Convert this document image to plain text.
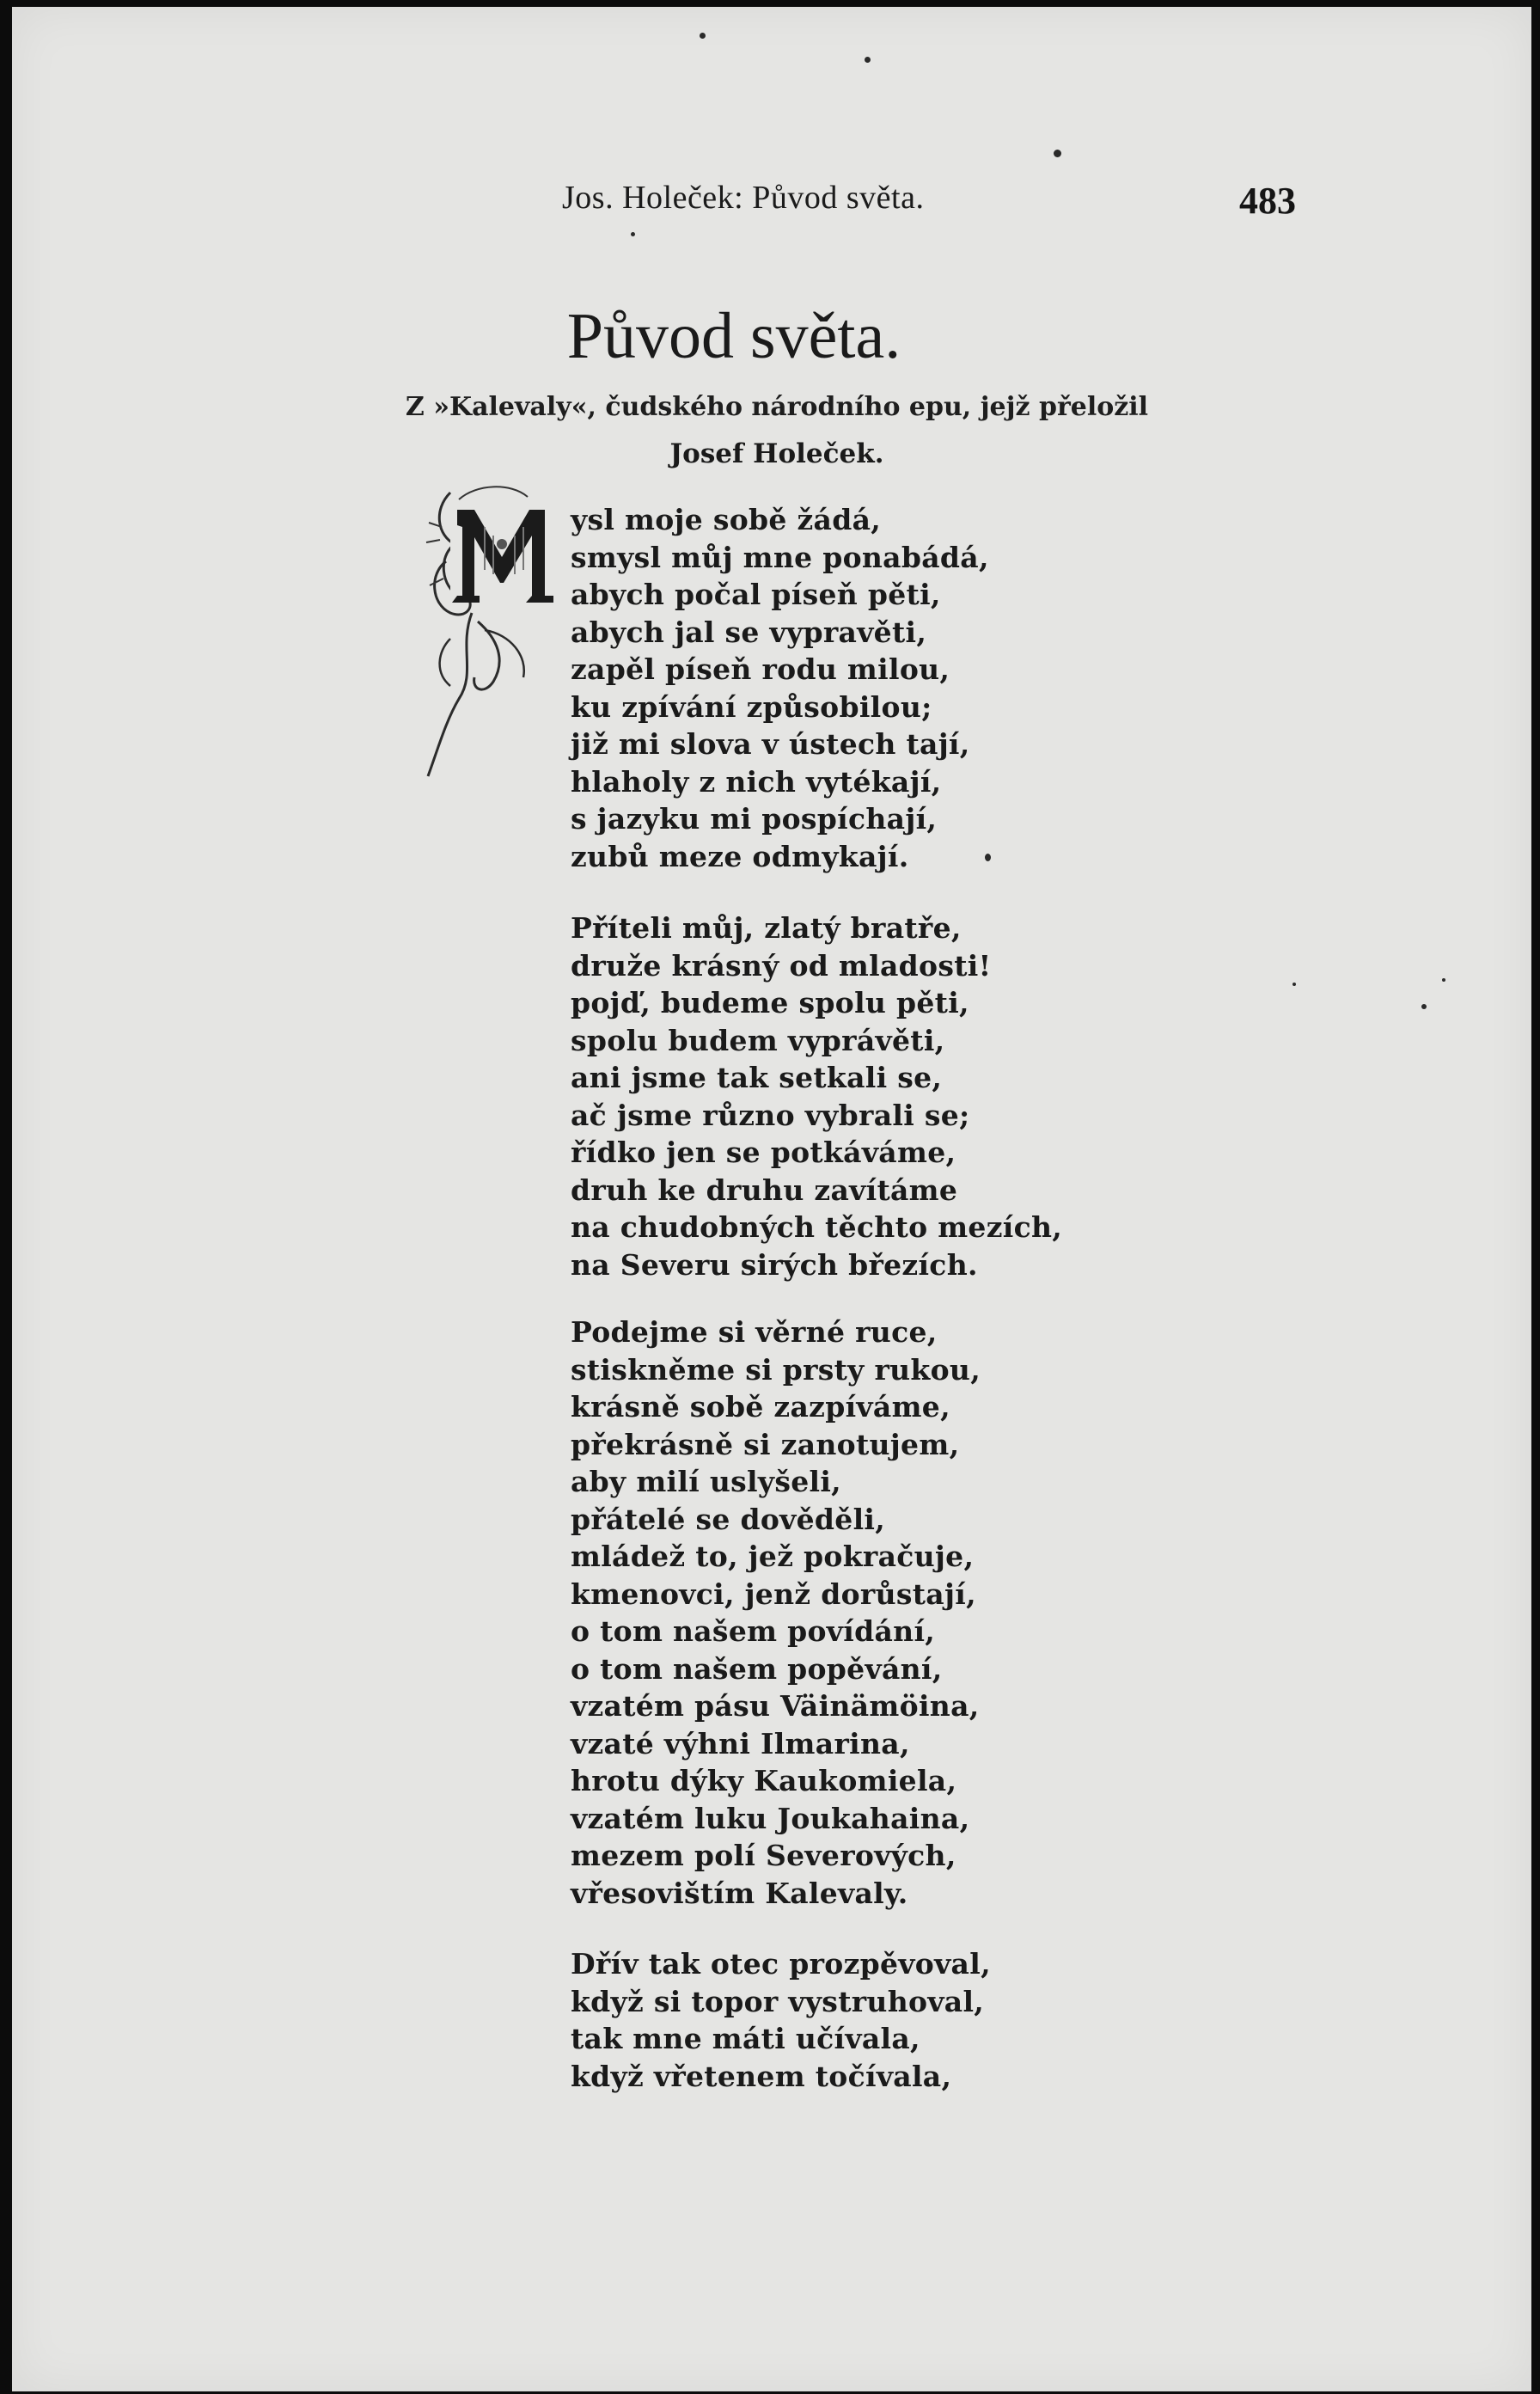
Jos. Holeček: Původ světa.	483
Původ světa.
Z »Kalevaly«, čudského národního epu, jejž přeložil
Josef Holeček.
ysl moje sobě žádá,
smysl můj mne ponabádá,
abych počal píseň pěti,
abych jal se vypravěti,
zapěl píseň rodu milou,
ku zpívání způsobilou;
již mi slova v ústech tají,
hlaholy z nich vytékají,
s jazyku mi pospíchají,
zubů meze odmykají.
Příteli můj, zlatý bratře,
druže krásný od mladosti!
pojď, budeme spolu pěti,
spolu budem vyprávěti,
ani jsme tak setkali se,
ač jsme různo vybrali se;
řídko jen se potkáváme,
druh ke druhu zavítáme
na chudobných těchto mezích,
na Severu sirých březích.
Podejme si věrné ruce,
stiskněme si prsty rukou,
krásně sobě zazpíváme,
překrásně si zanotujem,
aby milí uslyšeli,
přátelé se dověděli,
mládež to, jež pokračuje,
kmenovci, jenž dorůstají,
o tom našem povídání,
o tom našem popěvání,
vzatém pásu Väinämöina,
vzaté výhni Ilmarina,
hrotu dýky Kaukomiela,
vzatém luku Joukahaina,
mezem polí Severových,
vřesovištím Kalevaly.
Dřív tak otec prozpěvoval,
když si topor vystruhoval,
tak mne máti učívala,
když vřetenem točívala,
